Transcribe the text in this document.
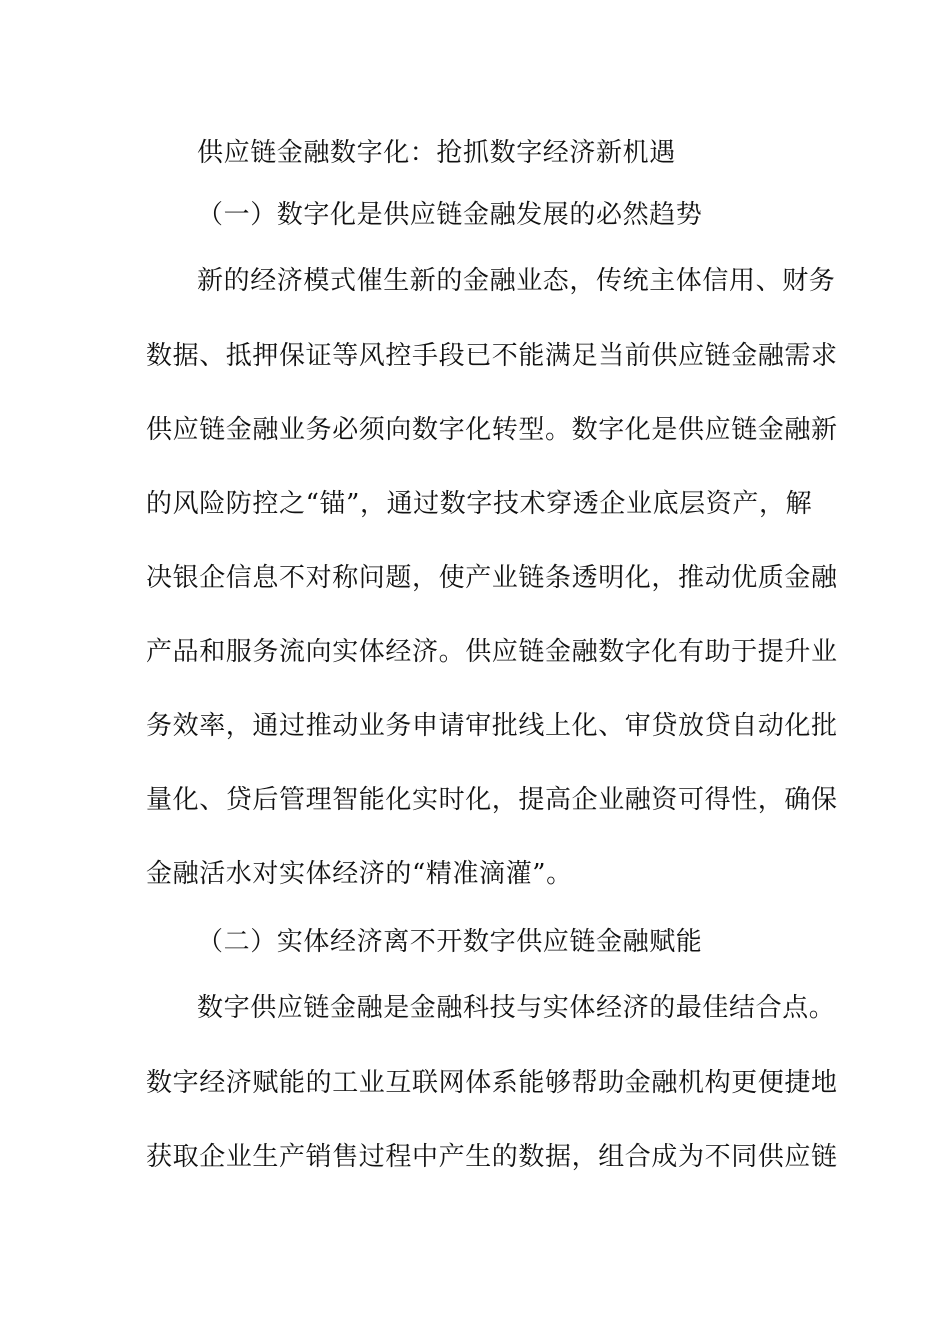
供应链金融数字化：抢抓数字经济新机遇
（一）数字化是供应链金融发展的必然趋势
新的经济模式催生新的金融业态，传统主体信用、财务
数据、抵押保证等风控手段已不能满足当前供应链金融需求
供应链金融业务必须向数字化转型。数字化是供应链金融新
的风险防控之“锚”，通过数字技术穿透企业底层资产，解
决银企信息不对称问题，使产业链条透明化，推动优质金融
产品和服务流向实体经济。供应链金融数字化有助于提升业
务效率，通过推动业务申请审批线上化、审贷放贷自动化批
量化、贷后管理智能化实时化，提高企业融资可得性，确保
金融活水对实体经济的“精准滴灌”。
（二）实体经济离不开数字供应链金融赋能
数字供应链金融是金融科技与实体经济的最佳结合点。
数字经济赋能的工业互联网体系能够帮助金融机构更便捷地
获取企业生产销售过程中产生的数据，组合成为不同供应链
